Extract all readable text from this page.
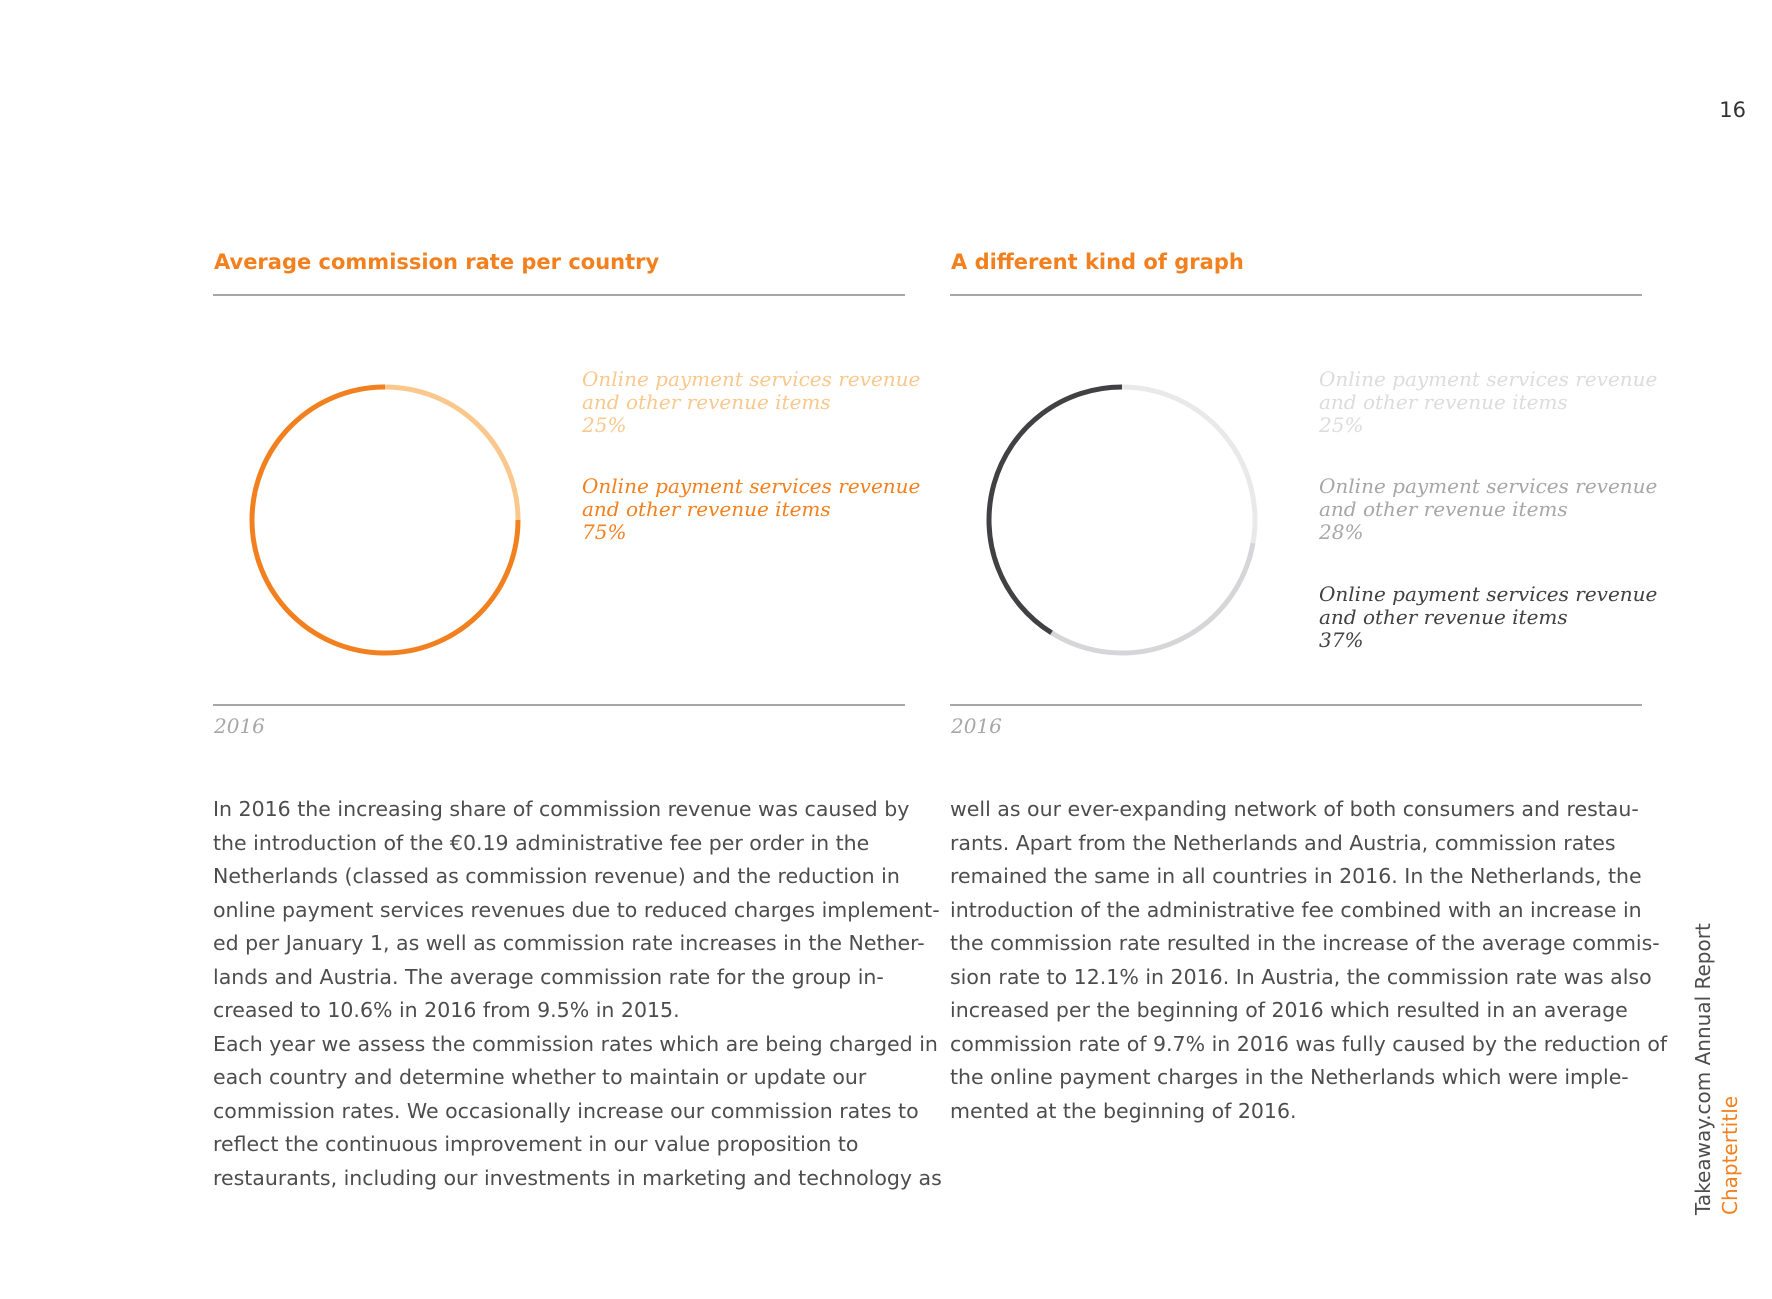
16
Average commission rate per country
Online payment services revenue
and other revenue items
25%
Online payment services revenue
and other revenue items
75%
2016
A different kind of graph
Online payment services revenue
and other revenue items
25%
Online payment services revenue
and other revenue items
28%
Online payment services revenue
and other revenue items
37%
2016

In 2016 the increasing share of commission revenue was caused by
the introduction of the €0.19 administrative fee per order in the
Netherlands (classed as commission revenue) and the reduction in
online payment services revenues due to reduced charges implement-
ed per January 1, as well as commission rate increases in the Nether-
lands and Austria. The average commission rate for the group in-
creased to 10.6% in 2016 from 9.5% in 2015.
Each year we assess the commission rates which are being charged in
each country and determine whether to maintain or update our
commission rates. We occasionally increase our commission rates to
reflect the continuous improvement in our value proposition to
restaurants, including our investments in marketing and technology as

well as our ever-expanding network of both consumers and restau-
rants. Apart from the Netherlands and Austria, commission rates
remained the same in all countries in 2016. In the Netherlands, the
introduction of the administrative fee combined with an increase in
the commission rate resulted in the increase of the average commis-
sion rate to 12.1% in 2016. In Austria, the commission rate was also
increased per the beginning of 2016 which resulted in an average
commission rate of 9.7% in 2016 was fully caused by the reduction of
the online payment charges in the Netherlands which were imple-
mented at the beginning of 2016.	Takeaway.com Annual Report Chaptertitle
